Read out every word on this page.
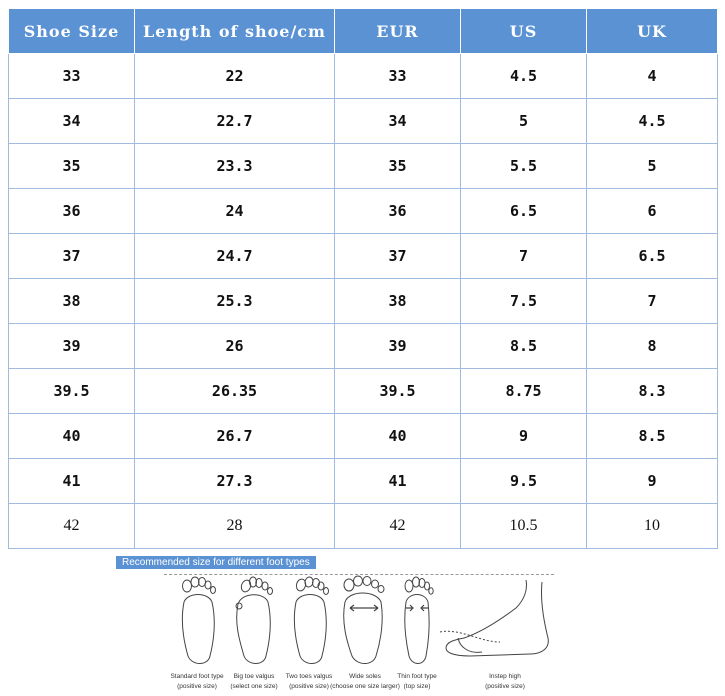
Shoe Size	Length of shoe/cm	EUR	US	UK
33	22	33	4.5	4
34	22.7	34	5	4.5
35	23.3	35	5.5	5
36	24	36	6.5	6
37	24.7	37	7	6.5
38	25.3	38	7.5	7
39	26	39	8.5	8
39.5	26.35	39.5	8.75	8.3
40	26.7	40	9	8.5
41	27.3	41	9.5	9
42	28	42	10.5	10
Recommended size for different foot types
Standard foot type
(positive size)
Big toe valgus
(select one size)
Two toes valgus
(positive size)
Wide soles
(choose one size larger)
Thin foot type
(top size)
Instep high
(positive size)
